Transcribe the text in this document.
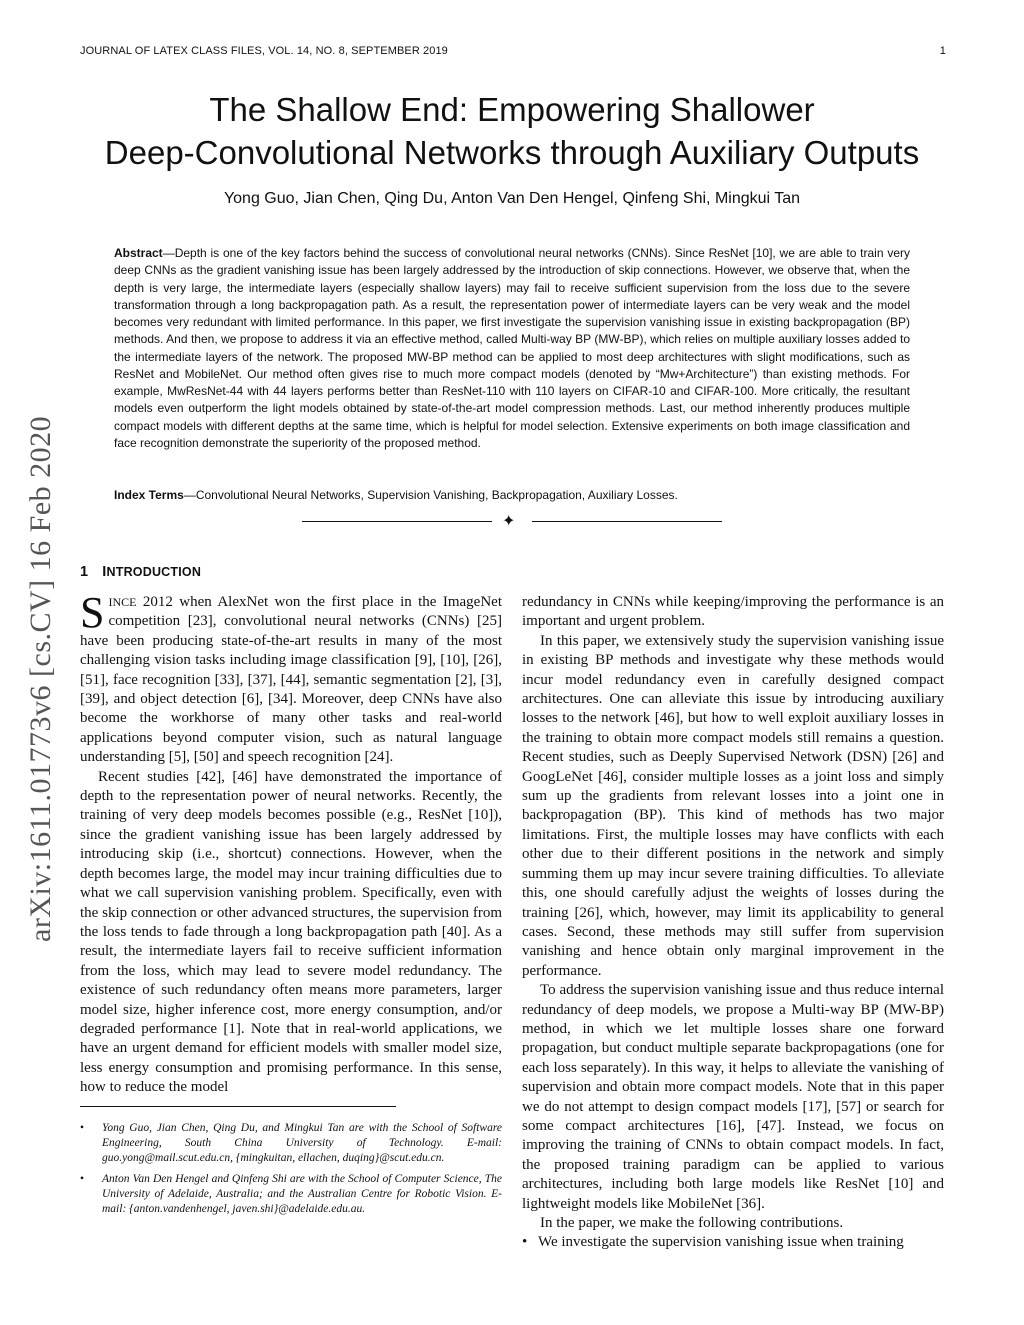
JOURNAL OF LATEX CLASS FILES, VOL. 14, NO. 8, SEPTEMBER 2019	1
The Shallow End: Empowering Shallower
Deep-Convolutional Networks through Auxiliary Outputs
Yong Guo, Jian Chen, Qing Du, Anton Van Den Hengel, Qinfeng Shi, Mingkui Tan
Abstract—Depth is one of the key factors behind the success of convolutional neural networks (CNNs). Since ResNet [10], we are able to train very deep CNNs as the gradient vanishing issue has been largely addressed by the introduction of skip connections. However, we observe that, when the depth is very large, the intermediate layers (especially shallow layers) may fail to receive sufficient supervision from the loss due to the severe transformation through a long backpropagation path. As a result, the representation power of intermediate layers can be very weak and the model becomes very redundant with limited performance. In this paper, we first investigate the supervision vanishing issue in existing backpropagation (BP) methods. And then, we propose to address it via an effective method, called Multi-way BP (MW-BP), which relies on multiple auxiliary losses added to the intermediate layers of the network. The proposed MW-BP method can be applied to most deep architectures with slight modifications, such as ResNet and MobileNet. Our method often gives rise to much more compact models (denoted by “Mw+Architecture”) than existing methods. For example, MwResNet-44 with 44 layers performs better than ResNet-110 with 110 layers on CIFAR-10 and CIFAR-100. More critically, the resultant models even outperform the light models obtained by state-of-the-art model compression methods. Last, our method inherently produces multiple compact models with different depths at the same time, which is helpful for model selection. Extensive experiments on both image classification and face recognition demonstrate the superiority of the proposed method.
Index Terms—Convolutional Neural Networks, Supervision Vanishing, Backpropagation, Auxiliary Losses.
✦
arXiv:1611.01773v6 [cs.CV] 16 Feb 2020 1 INTRODUCTION

SINCE 2012 when AlexNet won the first place in the ImageNet competition [23], convolutional neural networks (CNNs) [25] have been producing state-of-the-art results in many of the most challenging vision tasks including image classification [9], [10], [26], [51], face recognition [33], [37], [44], semantic segmentation [2], [3], [39], and object detection [6], [34]. Moreover, deep CNNs have also become the workhorse of many other tasks and real-world applications beyond computer vision, such as natural language understanding [5], [50] and speech recognition [24].

Recent studies [42], [46] have demonstrated the importance of depth to the representation power of neural networks. Recently, the training of very deep models becomes possible (e.g., ResNet [10]), since the gradient vanishing issue has been largely addressed by introducing skip (i.e., shortcut) connections. However, when the depth becomes large, the model may incur training difficulties due to what we call supervision vanishing problem. Specifically, even with the skip connection or other advanced structures, the supervision from the loss tends to fade through a long backpropagation path [40]. As a result, the intermediate layers fail to receive sufficient information from the loss, which may lead to severe model redundancy. The existence of such redundancy often means more parameters, larger model size, higher inference cost, more energy consumption, and/or degraded performance [1]. Note that in real-world applications, we have an urgent demand for efficient models with smaller model size, less energy consumption and promising performance. In this sense, how to reduce the model

• Yong Guo, Jian Chen, Qing Du, and Mingkui Tan are with the School of Software Engineering, South China University of Technology. E-mail: guo.yong@mail.scut.edu.cn, {mingkuitan, ellachen, duqing}@scut.edu.cn.
• Anton Van Den Hengel and Qinfeng Shi are with the School of Computer Science, The University of Adelaide, Australia; and the Australian Centre for Robotic Vision. E-mail: {anton.vandenhengel, javen.shi}@adelaide.edu.au.

redundancy in CNNs while keeping/improving the performance is an important and urgent problem.

In this paper, we extensively study the supervision vanishing issue in existing BP methods and investigate why these methods would incur model redundancy even in carefully designed compact architectures. One can alleviate this issue by introducing auxiliary losses to the network [46], but how to well exploit auxiliary losses in the training to obtain more compact models still remains a question. Recent studies, such as Deeply Supervised Network (DSN) [26] and GoogLeNet [46], consider multiple losses as a joint loss and simply sum up the gradients from relevant losses into a joint one in backpropagation (BP). This kind of methods has two major limitations. First, the multiple losses may have conflicts with each other due to their different positions in the network and simply summing them up may incur severe training difficulties. To alleviate this, one should carefully adjust the weights of losses during the training [26], which, however, may limit its applicability to general cases. Second, these methods may still suffer from supervision vanishing and hence obtain only marginal improvement in the performance.

To address the supervision vanishing issue and thus reduce internal redundancy of deep models, we propose a Multi-way BP (MW-BP) method, in which we let multiple losses share one forward propagation, but conduct multiple separate backpropagations (one for each loss separately). In this way, it helps to alleviate the vanishing of supervision and obtain more compact models. Note that in this paper we do not attempt to design compact models [17], [57] or search for some compact architectures [16], [47]. Instead, we focus on improving the training of CNNs to obtain compact models. In fact, the proposed training paradigm can be applied to various architectures, including both large models like ResNet [10] and lightweight models like MobileNet [36].

In the paper, we make the following contributions.

• We investigate the supervision vanishing issue when training
